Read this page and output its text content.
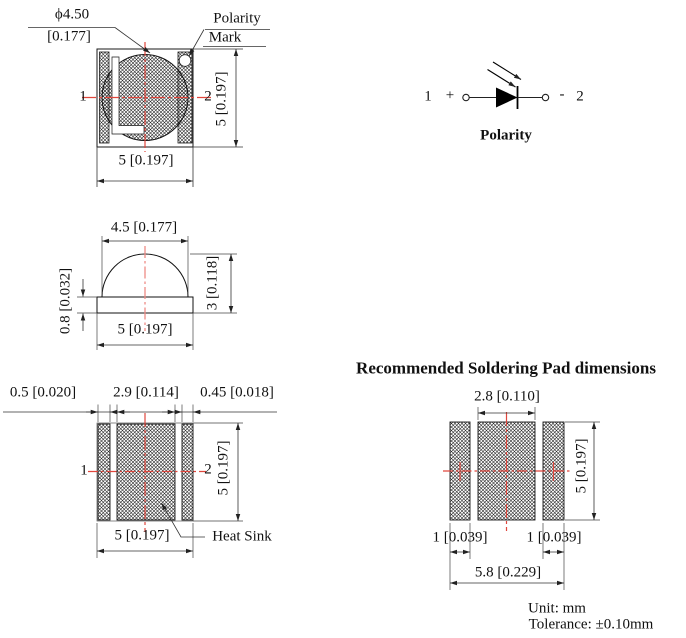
ϕ4.50
[0.177]
Polarity
Mark
1	2 5 [0.197]
5 [0.197]
1 +	- 2
Polarity
4.5 [0.177]
3 [0.118]
0.8 [0.032]	5 [0.197]
0.5 [0.020] 2.9 [0.114] 0.45 [0.018]
1	2
5 [0.197]
5 [0.197]
Heat Sink
Recommended Soldering Pad dimensions
2.8 [0.110]
5 [0.197]
1 [0.039]	1 [0.039]
5.8 [0.229]
Unit: mm
Tolerance: ±0.10mm
